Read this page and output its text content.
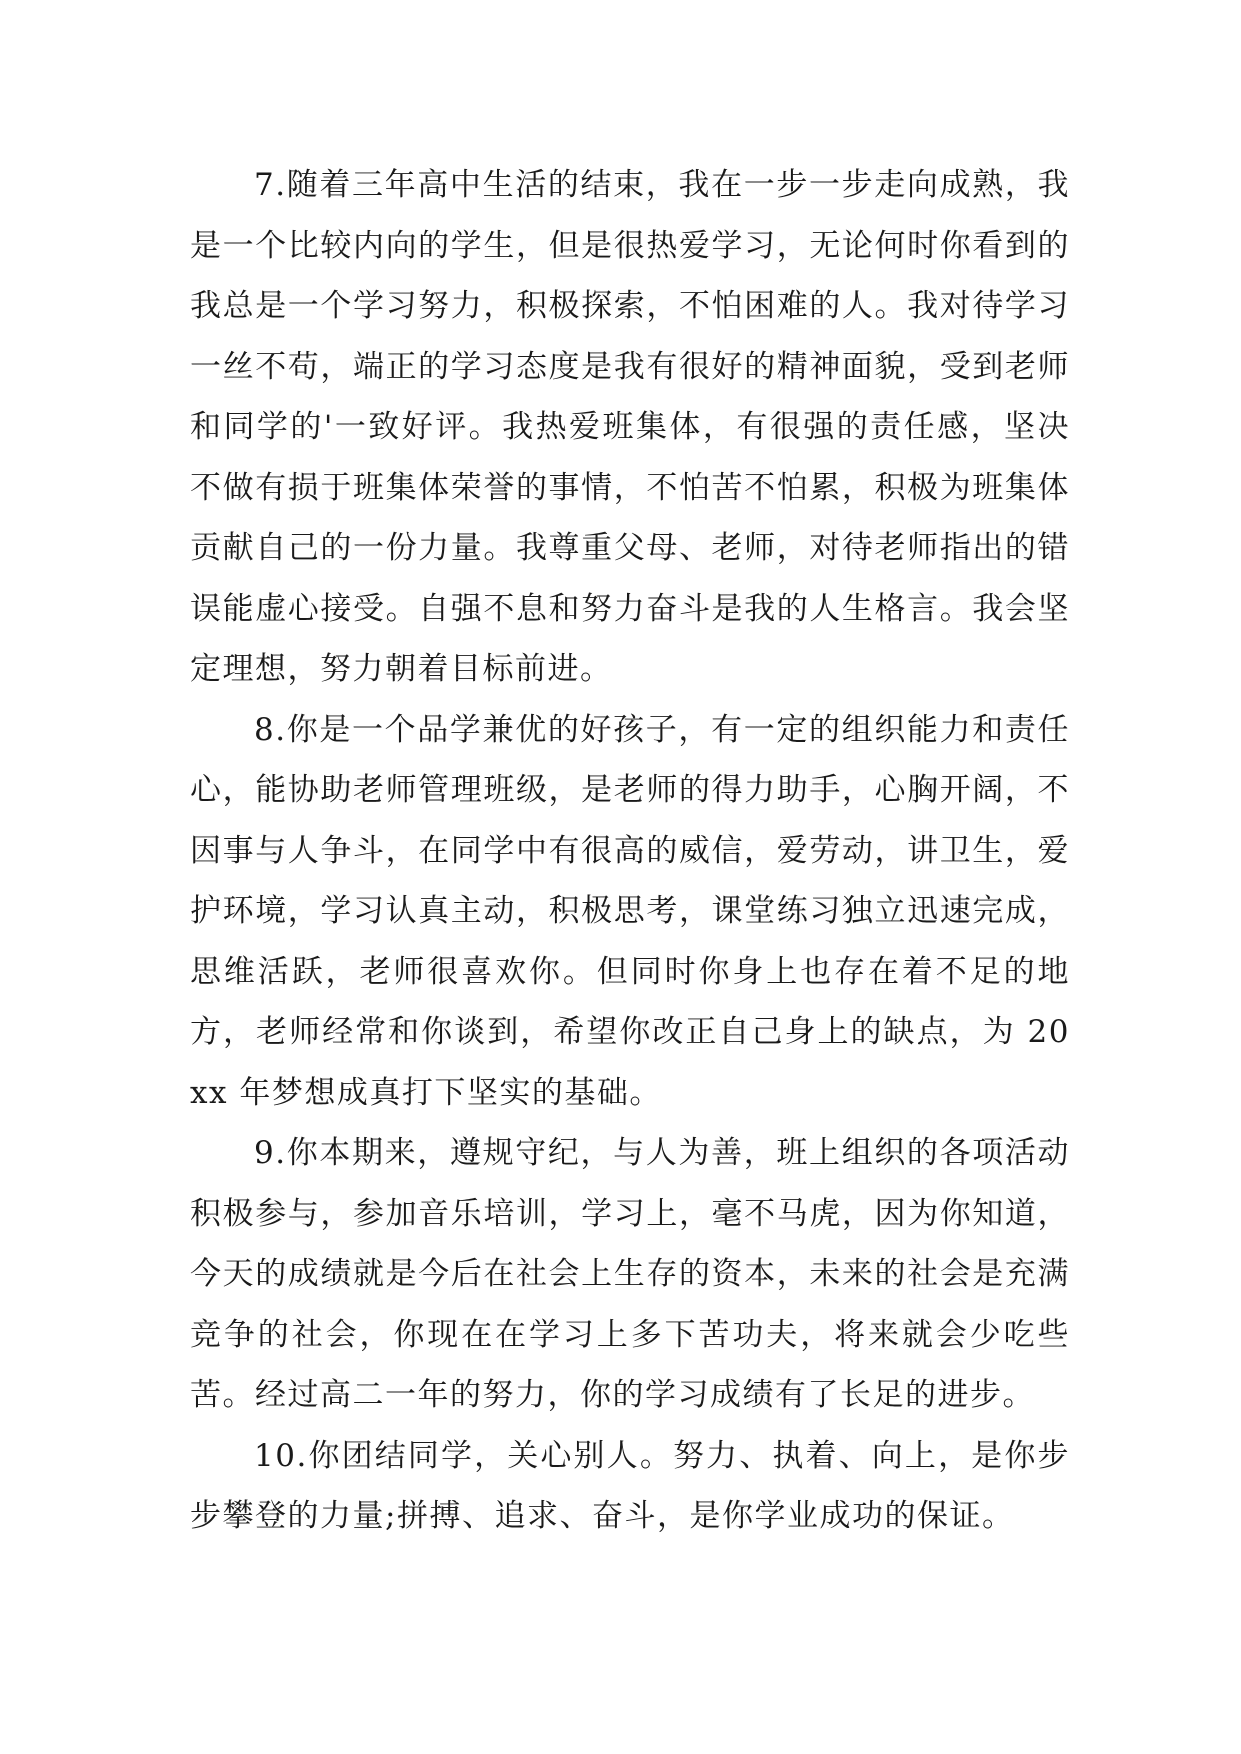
7.随着三年高中生活的结束，我在一步一步走向成熟，我是一个比较内向的学生，但是很热爱学习，无论何时你看到的我总是一个学习努力，积极探索，不怕困难的人。我对待学习一丝不苟，端正的学习态度是我有很好的精神面貌，受到老师和同学的'一致好评。我热爱班集体，有很强的责任感，坚决不做有损于班集体荣誉的事情，不怕苦不怕累，积极为班集体贡献自己的一份力量。我尊重父母、老师，对待老师指出的错误能虚心接受。自强不息和努力奋斗是我的人生格言。我会坚定理想，努力朝着目标前进。

8.你是一个品学兼优的好孩子，有一定的组织能力和责任心，能协助老师管理班级，是老师的得力助手，心胸开阔，不因事与人争斗，在同学中有很高的威信，爱劳动，讲卫生，爱护环境，学习认真主动，积极思考，课堂练习独立迅速完成，思维活跃，老师很喜欢你。但同时你身上也存在着不足的地方，老师经常和你谈到，希望你改正自己身上的缺点，为 20xx 年梦想成真打下坚实的基础。

9.你本期来，遵规守纪，与人为善，班上组织的各项活动积极参与，参加音乐培训，学习上，毫不马虎，因为你知道，今天的成绩就是今后在社会上生存的资本，未来的社会是充满竞争的社会，你现在在学习上多下苦功夫，将来就会少吃些苦。经过高二一年的努力，你的学习成绩有了长足的进步。

10.你团结同学，关心别人。努力、执着、向上，是你步步攀登的力量;拼搏、追求、奋斗，是你学业成功的保证。
